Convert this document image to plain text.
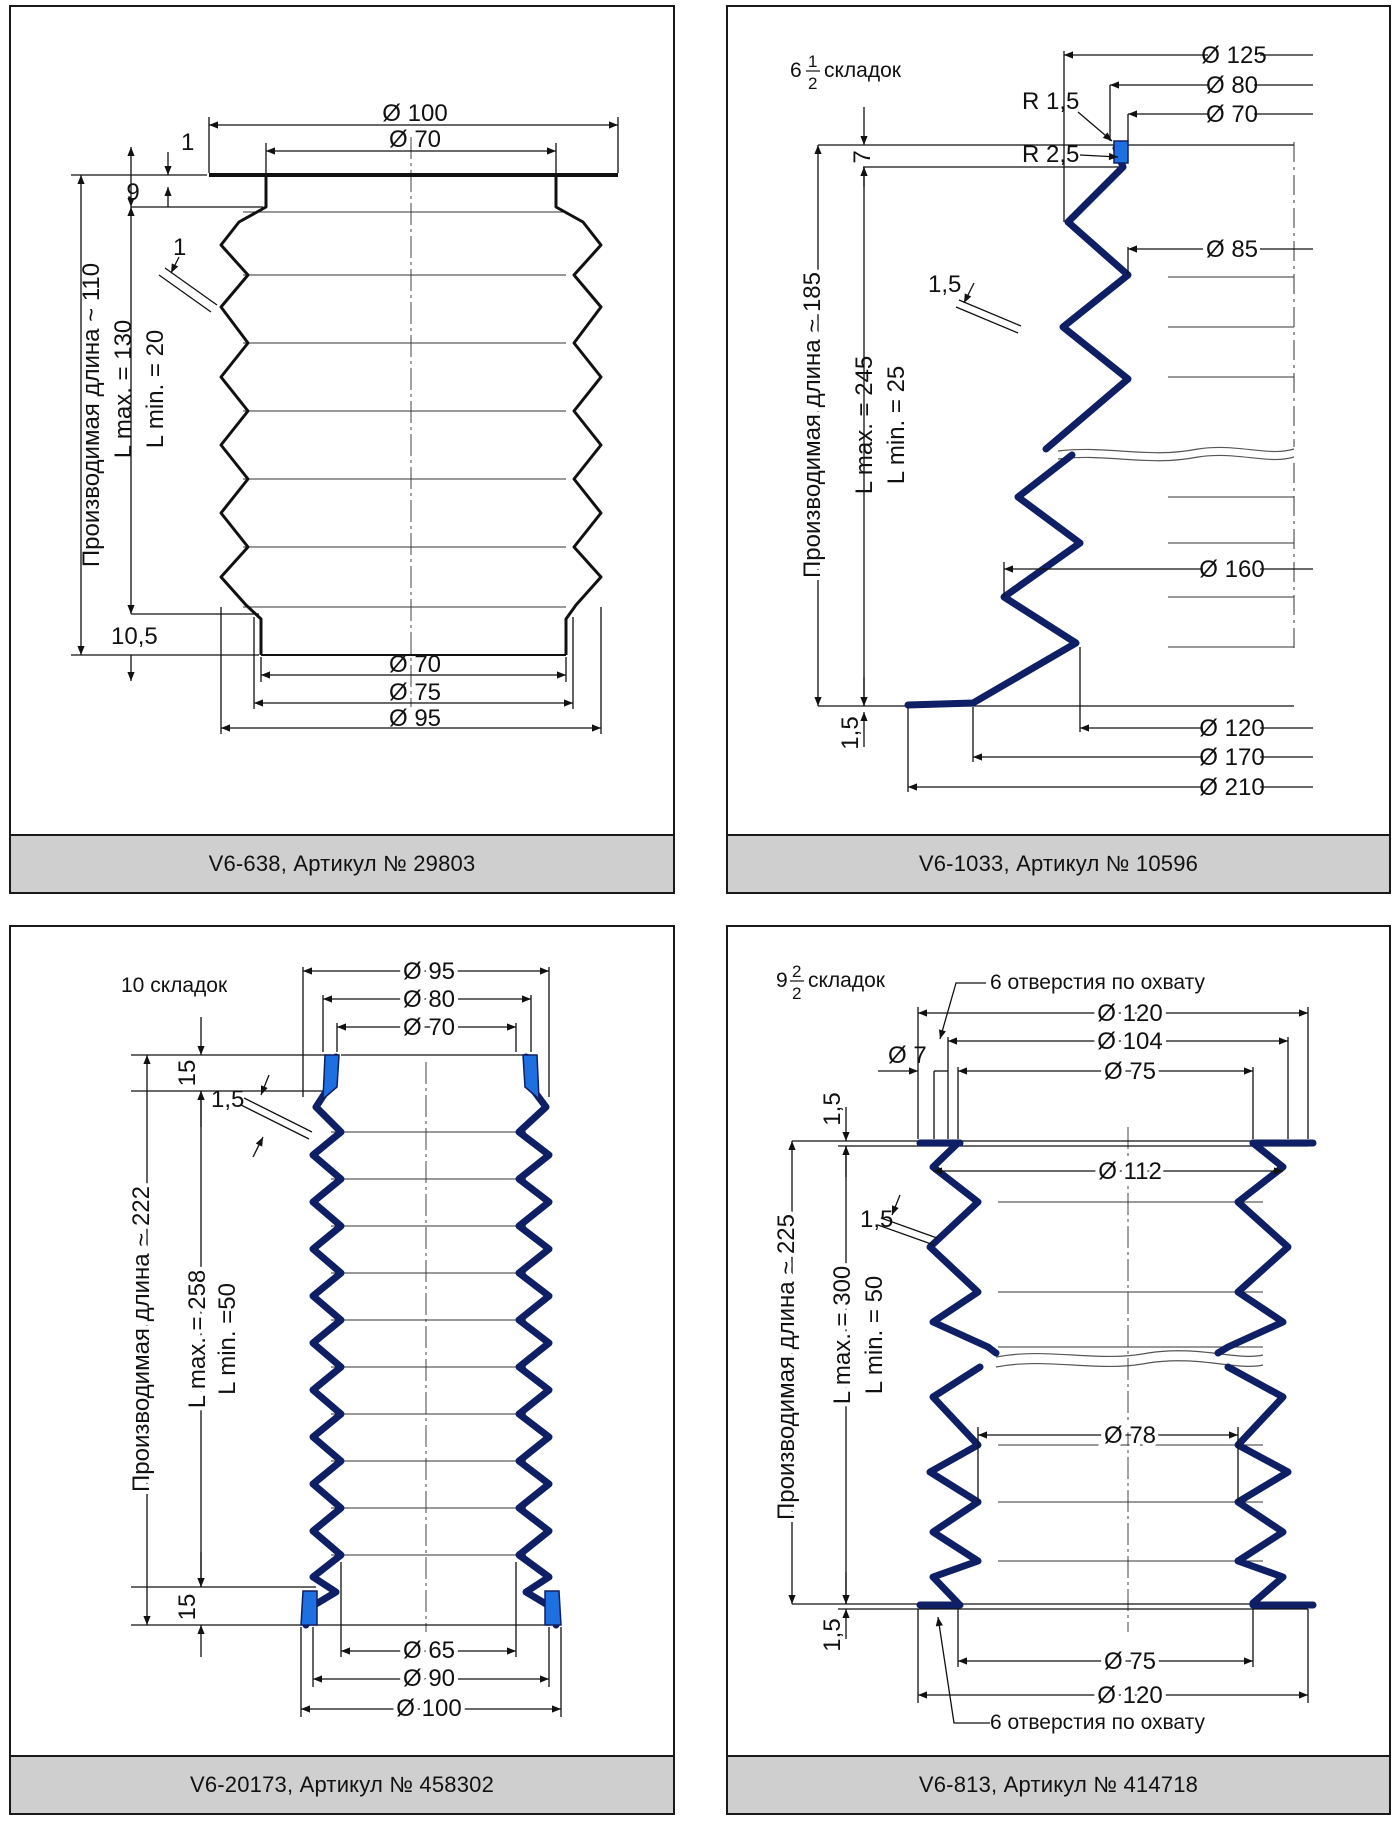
Ø 100
Ø 70
Ø 70
Ø 75
Ø 95
1
9
1
10,5
Производимая длина ~ 110 L max. = 130 L min. = 20
V6-638, Артикул № 29803
Ø 125
Ø 80
Ø 70
R 1,5
R 2,5
Ø 85
Ø 160
Ø 120
Ø 170
Ø 210
6 1
2
складок
7
1,5
1,5
Производимая длина ~ 185 L max. = 245 L min. = 25
V6-1033, Артикул № 10596
Ø 95
Ø 80
Ø 70
Ø 65
Ø 90
Ø 100
10 складок
15
15
1,5
Производимая длина ~ 222 L max. = 258 L min. =50
V6-20173, Артикул № 458302
Ø 120
Ø 104
Ø 75
Ø 7
6 отверстия по охвату
9 2
2
складок
Ø 112
Ø 78
Ø 75
Ø 120
6 отверстия по охвату
1,5
1,5
1,5
Производимая длина ~ 225 L max. = 300 L min. = 50
V6-813, Артикул № 414718
